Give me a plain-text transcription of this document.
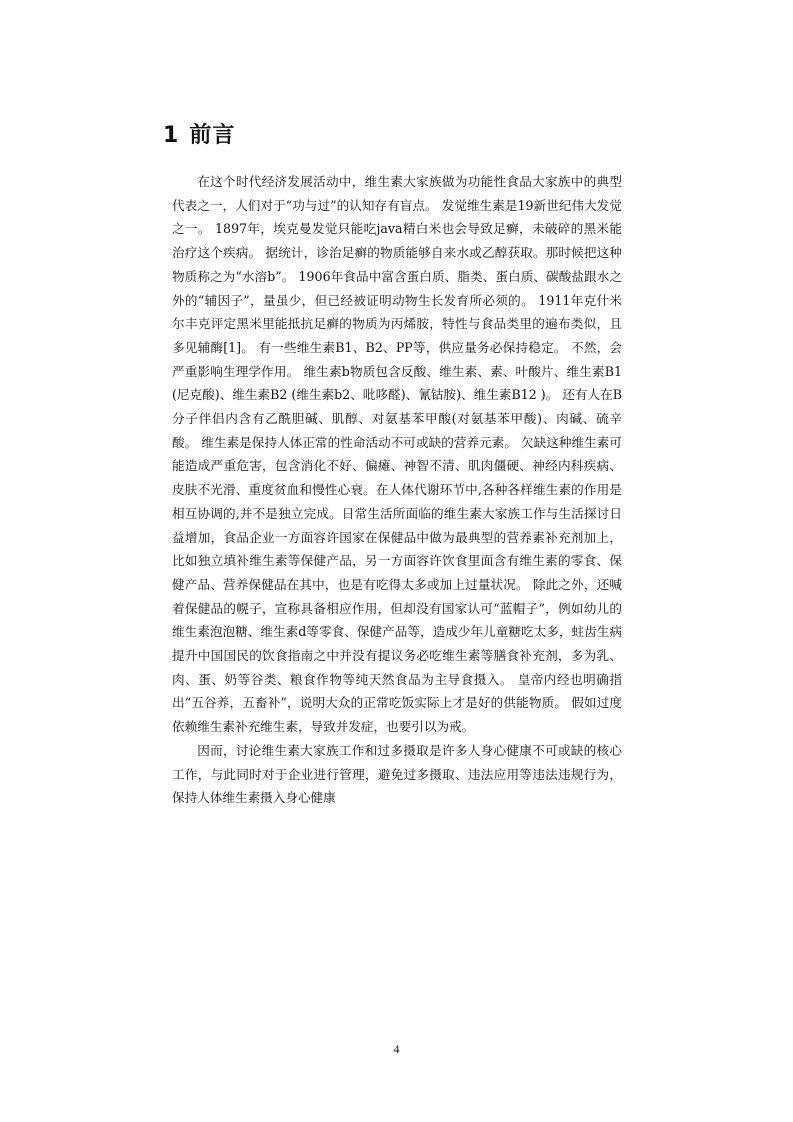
1 前言

在这个时代经济发展活动中，维生素大家族做为功能性食品大家族中的典型代表之一，人们对于“功与过”的认知存有盲点。 发觉维生素是19新世纪伟大发觉之一。 1897年，埃克曼发觉只能吃java精白米也会导致足癣，未破碎的黑米能治疗这个疾病。 据统计，诊治足癣的物质能够自来水或乙醇获取。那时候把这种物质称之为“水溶b”。 1906年食品中富含蛋白质、脂类、蛋白质、碳酸盐跟水之外的“辅因子”，量虽少，但已经被证明动物生长发育所必须的。 1911年克什米尔丰克评定黑米里能抵抗足癣的物质为丙烯胺，特性与食品类里的遍布类似，且多见辅酶[1]。 有一些维生素B1、B2、PP等，供应量务必保持稳定。 不然，会严重影响生理学作用。 维生素b物质包含反酸、维生素、素、叶酸片、维生素B1 (尼克酸)、维生素B2 (维生素b2、吡哆醛)、氰钴胺)、维生素B12 )。 还有人在B分子伴侣内含有乙酰胆碱、肌醇、对氨基苯甲酸(对氨基苯甲酸)、肉碱、硫辛酸。 维生素是保持人体正常的性命活动不可或缺的营养元素。 欠缺这种维生素可能造成严重危害，包含消化不好、偏瘫、神智不清、肌肉僵硬、神经内科疾病、皮肤不光滑、重度贫血和慢性心衰。在人体代谢环节中,各种各样维生素的作用是相互协调的,并不是独立完成。日常生活所面临的维生素大家族工作与生活探讨日益增加，食品企业一方面容许国家在保健品中做为最典型的营养素补充剂加上，比如独立填补维生素等保健产品，另一方面容许饮食里面含有维生素的零食、保健产品、营养保健品在其中，也是有吃得太多或加上过量状况。 除此之外，还喊着保健品的幌子，宣称具备相应作用，但却没有国家认可“蓝帽子”，例如幼儿的维生素泡泡糖、维生素d等零食、保健产品等，造成少年儿童糖吃太多，蛀齿生病提升中国国民的饮食指南之中并没有提议务必吃维生素等膳食补充剂，多为乳、肉、蛋、奶等谷类、粮食作物等纯天然食品为主导食摄入。 皇帝内经也明确指出“五谷养，五畜补”，说明大众的正常吃饭实际上才是好的供能物质。 假如过度依赖维生素补充维生素，导致并发症，也要引以为戒。

因而，讨论维生素大家族工作和过多摄取是许多人身心健康不可或缺的核心工作，与此同时对于企业进行管理，避免过多摄取、违法应用等违法违规行为，保持人体维生素摄入身心健康

4
